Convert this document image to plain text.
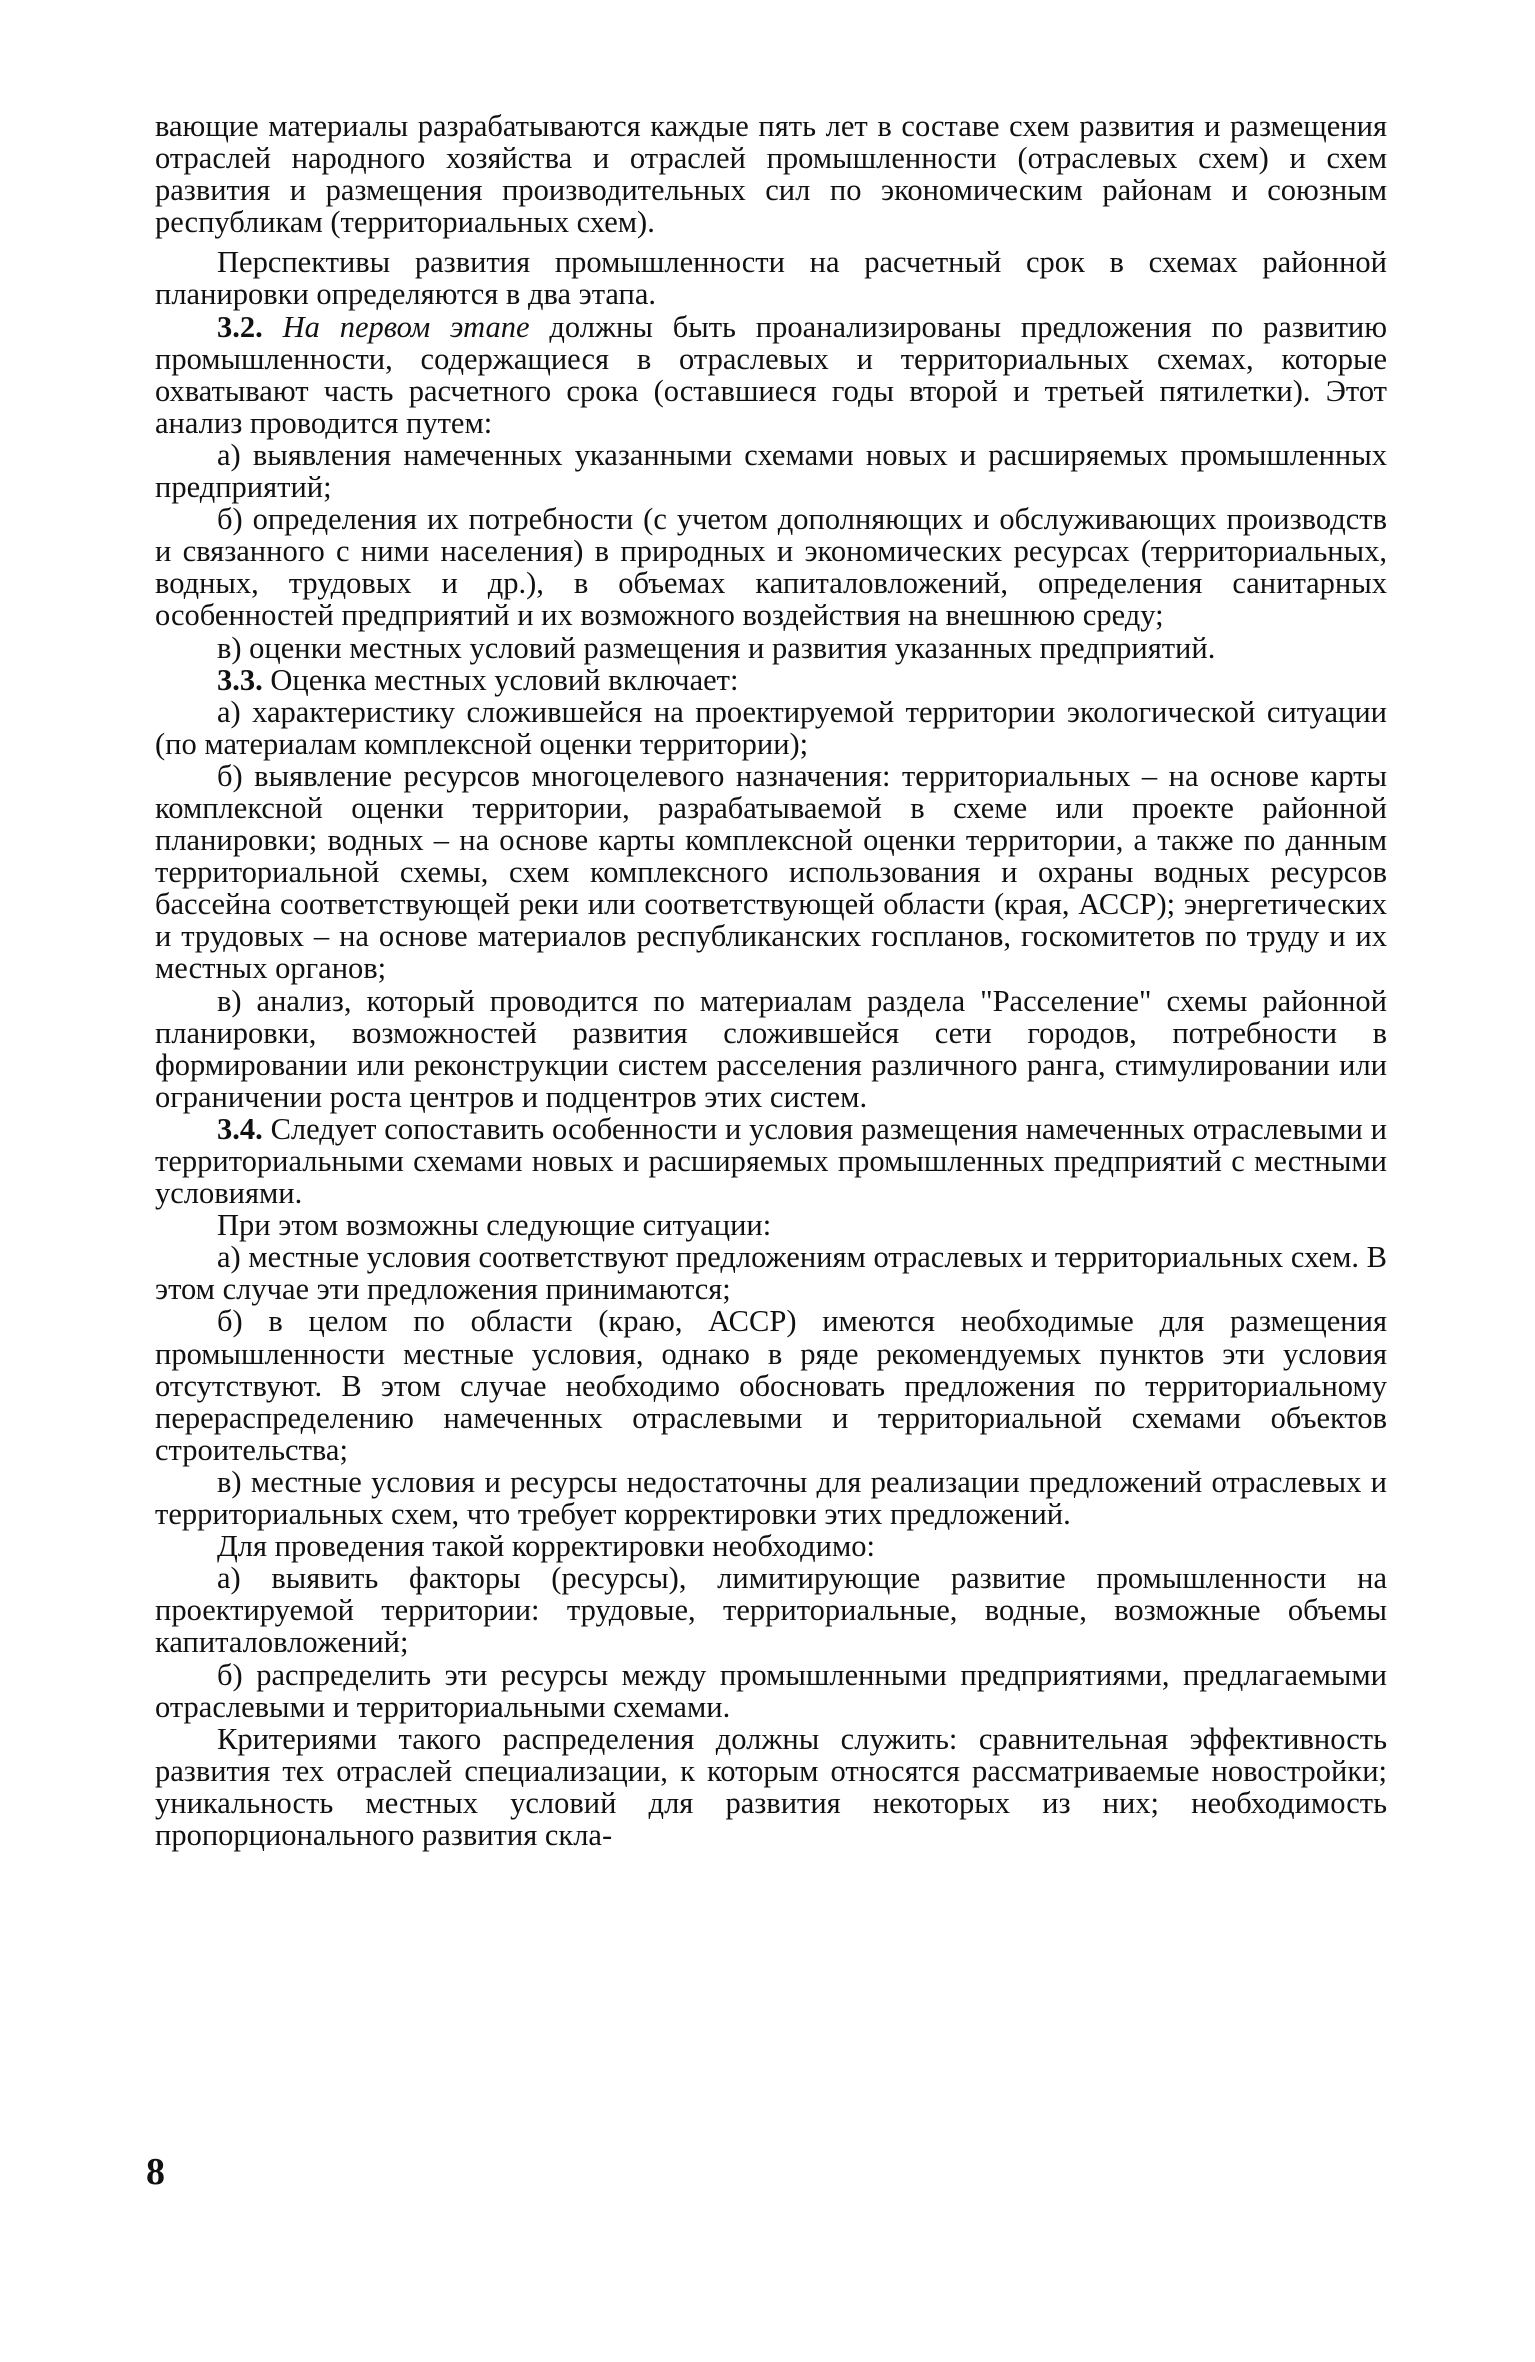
вающие материалы разрабатываются каждые пять лет в составе схем развития и размещения отраслей народного хозяйства и отраслей промышленности (отраслевых схем) и схем развития и размещения производительных сил по экономическим районам и союзным республикам (территориальных схем).

Перспективы развития промышленности на расчетный срок в схемах районной планировки определяются в два этапа.

3.2. На первом этапе должны быть проанализированы предложения по развитию промышленности, содержащиеся в отраслевых и территориальных схемах, которые охватывают часть расчетного срока (оставшиеся годы второй и третьей пятилетки). Этот анализ проводится путем:

а) выявления намеченных указанными схемами новых и расширяемых промышленных предприятий;

б) определения их потребности (с учетом дополняющих и обслуживающих производств и связанного с ними населения) в природных и экономических ресурсах (территориальных, водных, трудовых и др.), в объемах капиталовложений, определения санитарных особенностей предприятий и их возможного воздействия на внешнюю среду;

в) оценки местных условий размещения и развития указанных предприятий.

3.3. Оценка местных условий включает:

а) характеристику сложившейся на проектируемой территории экологической ситуации (по материалам комплексной оценки территории);

б) выявление ресурсов многоцелевого назначения: территориальных – на основе карты комплексной оценки территории, разрабатываемой в схеме или проекте районной планировки; водных – на основе карты комплексной оценки территории, а также по данным территориальной схемы, схем комплексного использования и охраны водных ресурсов бассейна соответствующей реки или соответствующей области (края, АССР); энергетических и трудовых – на основе материалов республиканских госпланов, госкомитетов по труду и их местных органов;

в) анализ, который проводится по материалам раздела "Расселение" схемы районной планировки, возможностей развития сложившейся сети городов, потребности в формировании или реконструкции систем расселения различного ранга, стимулировании или ограничении роста центров и подцентров этих систем.

3.4. Следует сопоставить особенности и условия размещения намеченных отраслевыми и территориальными схемами новых и расширяемых промышленных предприятий с местными условиями.

При этом возможны следующие ситуации:

а) местные условия соответствуют предложениям отраслевых и территориальных схем. В этом случае эти предложения принимаются;

б) в целом по области (краю, АССР) имеются необходимые для размещения промышленности местные условия, однако в ряде рекомендуемых пунктов эти условия отсутствуют. В этом случае необходимо обосновать предложения по территориальному перераспределению намеченных отраслевыми и территориальной схемами объектов строительства;

в) местные условия и ресурсы недостаточны для реализации предложений отраслевых и территориальных схем, что требует корректировки этих предложений.

Для проведения такой корректировки необходимо:

а) выявить факторы (ресурсы), лимитирующие развитие промышленности на проектируемой территории: трудовые, территориальные, водные, возможные объемы капиталовложений;

б) распределить эти ресурсы между промышленными предприятиями, предлагаемыми отраслевыми и территориальными схемами.

Критериями такого распределения должны служить: сравнительная эффективность развития тех отраслей специализации, к которым относятся рассматриваемые новостройки; уникальность местных условий для развития некоторых из них; необходимость пропорционального развития скла-

8
